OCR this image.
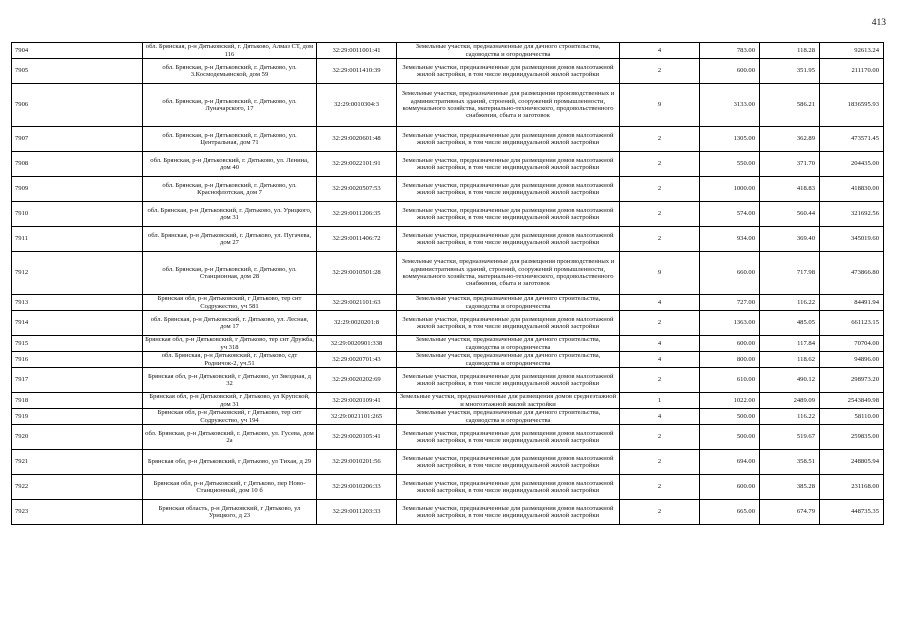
413
7904	обл. Брянская, р-н Дятьковский, г. Дятьково, Алмаз СТ, дом 116	32:29:0011001:41	Земельные участки, предназначенные для дачного строительства, садоводства и огородничества	4	783.00	118.28	92613.24
7905	обл. Брянская, р-н Дятьковский, г. Дятьково, ул. 3.Космодемьянской, дом 59	32:29:0011410:39	Земельные участки, предназначенные для размещения домов малоэтажной жилой застройки, в том числе индивидуальной жилой застройки	2	600.00	351.95	211170.00
7906	обл. Брянская, р-н Дятьковский, г. Дятьково, ул. Луначарского, 17	32:29:0010304:3	Земельные участки, предназначенные для размещения производственных и административных зданий, строений, сооружений промышленности, коммунального хозяйства, материально-технического, продовольственного снабжения, сбыта и заготовок	9	3133.00	586.21	1836595.93
7907	обл. Брянская, р-н Дятьковский, г. Дятьково, ул. Центральная, дом 71	32:29:0020601:48	Земельные участки, предназначенные для размещения домов малоэтажной жилой застройки, в том числе индивидуальной жилой застройки	2	1305.00	362.89	473571.45
7908	обл. Брянская, р-н Дятьковский, г. Дятьково, ул. Ленина, дом 40	32:29:0022101:91	Земельные участки, предназначенные для размещения домов малоэтажной жилой застройки, в том числе индивидуальной жилой застройки	2	550.00	371.70	204435.00
7909	обл. Брянская, р-н Дятьковский, г. Дятьково, ул. Краснофлотская, дом 7	32:29:0020507:53	Земельные участки, предназначенные для размещения домов малоэтажной жилой застройки, в том числе индивидуальной жилой застройки	2	1000.00	418.83	418830.00
7910	обл. Брянская, р-н Дятьковский, г. Дятьково, ул. Урицкого, дом 31	32:29:0011206:35	Земельные участки, предназначенные для размещения домов малоэтажной жилой застройки, в том числе индивидуальной жилой застройки	2	574.00	560.44	321692.56
7911	обл. Брянская, р-н Дятьковский, г. Дятьково, ул. Пугачева, дом 27	32:29:0011406:72	Земельные участки, предназначенные для размещения домов малоэтажной жилой застройки, в том числе индивидуальной жилой застройки	2	934.00	369.40	345019.60
7912	обл. Брянская, р-н Дятьковский, г. Дятьково, ул. Станционная, дом 28	32:29:0010501:28	Земельные участки, предназначенные для размещения производственных и административных зданий, строений, сооружений промышленности, коммунального хозяйства, материально-технического, продовольственного снабжения, сбыта и заготовок	9	660.00	717.98	473866.80
7913	Брянская обл, р-н Дятьковский, г Дятьково, тер снт Содружество, уч 581	32:29:0021101:63	Земельные участки, предназначенные для дачного строительства, садоводства и огородничества	4	727.00	116.22	84491.94
7914	обл. Брянская, р-н Дятьковский, г. Дятьково, ул. Лесная, дом 17	32:29:0020201:8	Земельные участки, предназначенные для размещения домов малоэтажной жилой застройки, в том числе индивидуальной жилой застройки	2	1363.00	485.05	661123.15
7915	Брянская обл, р-н Дятьковский, г Дятьково, тер снт Дружба, уч 318	32:29:0020901:338	Земельные участки, предназначенные для дачного строительства, садоводства и огородничества	4	600.00	117.84	70704.00
7916	обл. Брянская, р-н Дятьковский, г. Дятьково, сдт Родничок-2, уч.51	32:29:0020701:43	Земельные участки, предназначенные для дачного строительства, садоводства и огородничества	4	800.00	118.62	94896.00
7917	Брянская обл, р-н Дятьковский, г Дятьково, ул Звездная, д 32	32:29:0020202:69	Земельные участки, предназначенные для размещения домов малоэтажной жилой застройки, в том числе индивидуальной жилой застройки	2	610.00	490.12	298973.20
7918	Брянская обл, р-н Дятьковский, г Дятьково, ул Крупской, дом 31	32:29:0020109:41	Земельные участки, предназначенные для размещения домов среднеэтажной и многоэтажной жилой застройки	1	1022.00	2489.09	2543849.98
7919	Брянская обл, р-н Дятьковский, г Дятьково, тер снт Содружество, уч 194	32:29:0021101:265	Земельные участки, предназначенные для дачного строительства, садоводства и огородничества	4	500.00	116.22	58110.00
7920	обл. Брянская, р-н Дятьковский, г. Дятьково, ул. Гусева, дом 2а	32:29:0020105:41	Земельные участки, предназначенные для размещения домов малоэтажной жилой застройки, в том числе индивидуальной жилой застройки	2	500.00	519.67	259835.00
7921	Брянская обл, р-н Дятьковский, г Дятьково, ул Тихая, д 29	32:29:0010201:56	Земельные участки, предназначенные для размещения домов малоэтажной жилой застройки, в том числе индивидуальной жилой застройки	2	694.00	358.51	248805.94
7922	Брянская обл, р-н Дятьковский, г Дятьково, пер Ново-Станционный, дом 10 б	32:29:0010206:33	Земельные участки, предназначенные для размещения домов малоэтажной жилой застройки, в том числе индивидуальной жилой застройки	2	600.00	385.28	231168.00
7923	Брянская область, р-н Дятьковский, г Дятьково, ул Урицкого, д 23	32:29:0011203:33	Земельные участки, предназначенные для размещения домов малоэтажной жилой застройки, в том числе индивидуальной жилой застройки	2	665.00	674.79	448735.35
